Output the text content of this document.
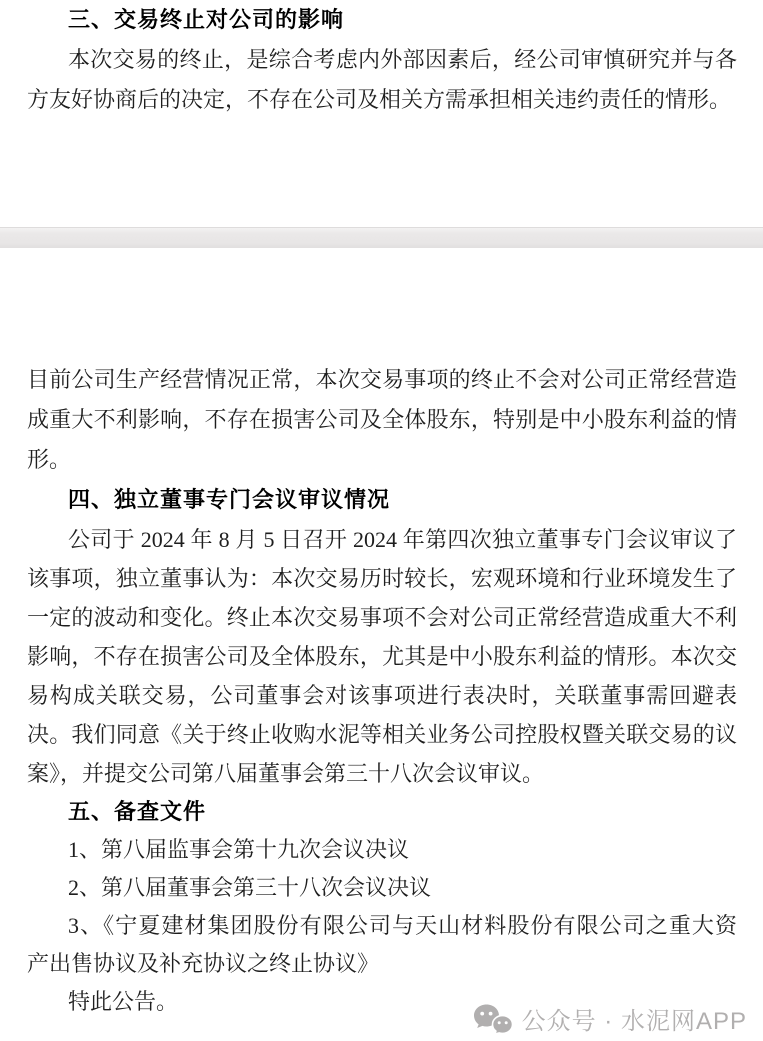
三、交易终止对公司的影响
本次交易的终止，是综合考虑内外部因素后，经公司审慎研究并与各
方友好协商后的决定，不存在公司及相关方需承担相关违约责任的情形。
目前公司生产经营情况正常，本次交易事项的终止不会对公司正常经营造
成重大不利影响，不存在损害公司及全体股东，特别是中小股东利益的情
形。
四、独立董事专门会议审议情况
公司于 2024 年 8 月 5 日召开 2024 年第四次独立董事专门会议审议了
该事项，独立董事认为：本次交易历时较长，宏观环境和行业环境发生了
一定的波动和变化。终止本次交易事项不会对公司正常经营造成重大不利
影响，不存在损害公司及全体股东，尤其是中小股东利益的情形。本次交
易构成关联交易，公司董事会对该事项进行表决时，关联董事需回避表
决。我们同意《关于终止收购水泥等相关业务公司控股权暨关联交易的议
案》，并提交公司第八届董事会第三十八次会议审议。
五、备查文件
1、第八届监事会第十九次会议决议
2、第八届董事会第三十八次会议决议
3、《宁夏建材集团股份有限公司与天山材料股份有限公司之重大资
产出售协议及补充协议之终止协议》
特此公告。
公众号 · 水泥网APP
